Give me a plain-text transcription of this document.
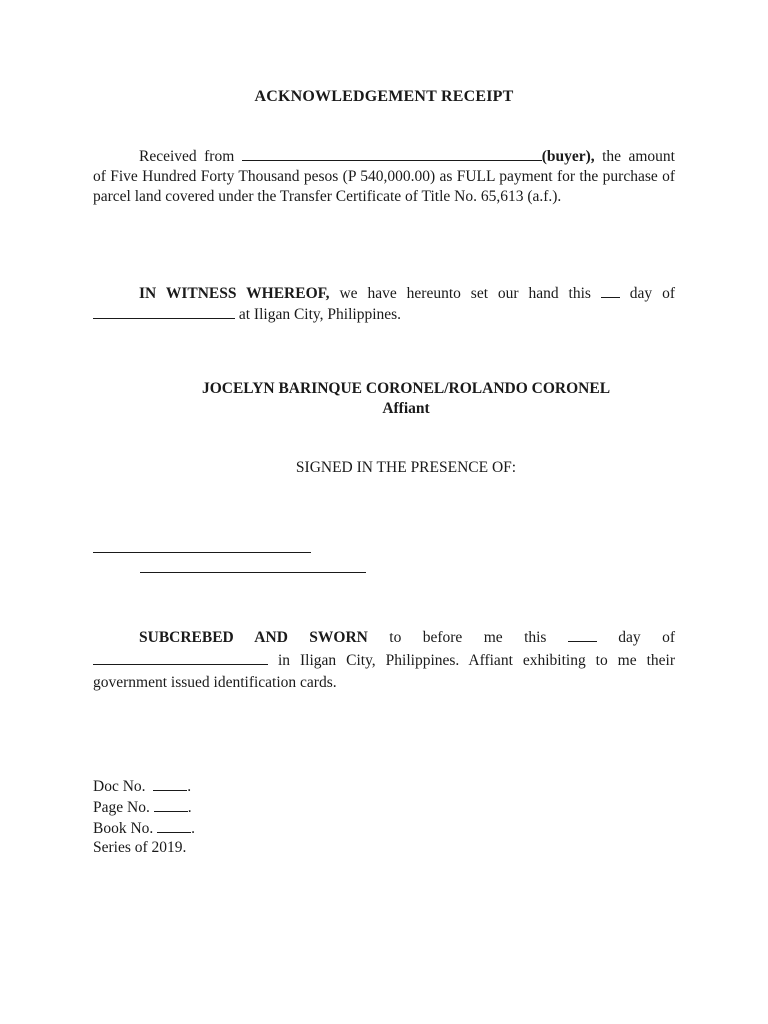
ACKNOWLEDGEMENT RECEIPT
Received from	(buyer), the amount of Five Hundred Forty Thousand pesos (P 540,000.00) as FULL payment for the purchase of parcel land covered under the Transfer Certificate of Title No. 65,613 (a.f.).
IN WITNESS WHEREOF, we have hereunto set our hand this  day of  at Iligan City, Philippines.
JOCELYN BARINQUE CORONEL/ROLANDO CORONEL
Affiant
SIGNED IN THE PRESENCE OF:
SUBCREBED AND SWORN to before me this  day of  in Iligan City, Philippines. Affiant exhibiting to me their government issued identification cards.
Doc No.	.
Page No. .
Book No. .
Series of 2019.
